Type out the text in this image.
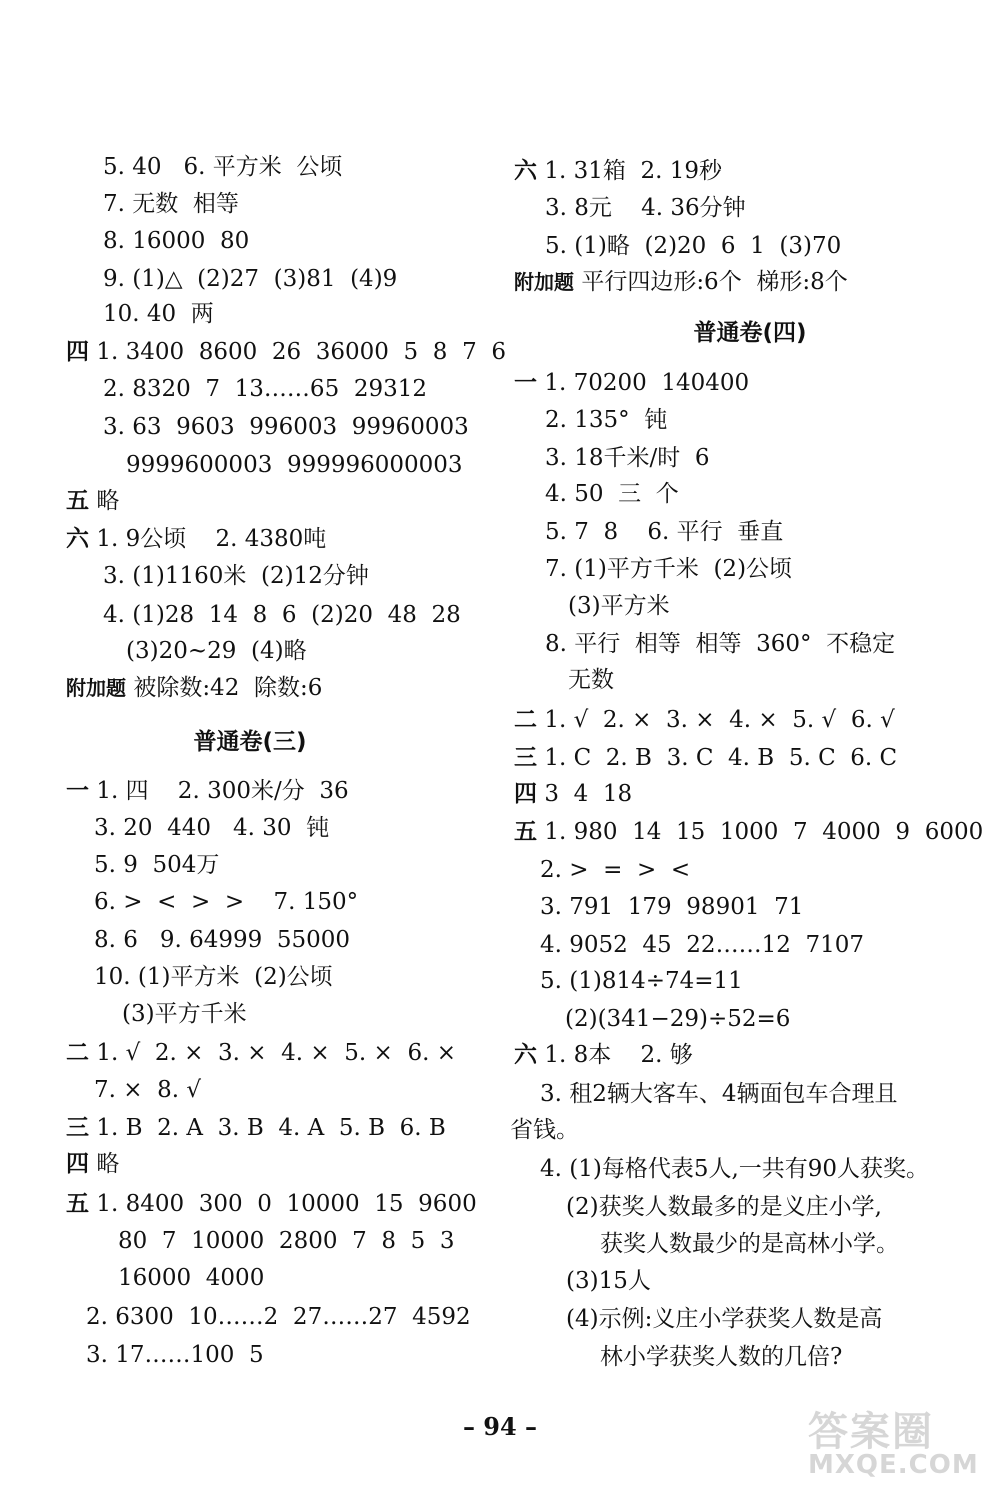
5. 40   6. 平方米  公顷
7. 无数  相等
8. 16000  80
9. (1)△  (2)27  (3)81  (4)9
10. 40  两
四 1. 3400  8600  26  36000  5  8  7  6
2. 8320  7  13……65  29312
3. 63  9603  996003  99960003
9999600003  999996000003
五 略
六 1. 9公顷    2. 4380吨
3. (1)1160米  (2)12分钟
4. (1)28  14  8  6  (2)20  48  28
(3)20~29  (4)略
附加题 被除数:42  除数:6
普通卷(三)
一 1. 四    2. 300米/分  36
3. 20  440   4. 30  钝
5. 9  504万
6. >  <  >  >    7. 150°
8. 6   9. 64999  55000
10. (1)平方米  (2)公顷
(3)平方千米
二 1. √  2. ×  3. ×  4. ×  5. ×  6. ×
7. ×  8. √
三 1. B  2. A  3. B  4. A  5. B  6. B
四 略
五 1. 8400  300  0  10000  15  9600
80  7  10000  2800  7  8  5  3
16000  4000
2. 6300  10……2  27……27  4592
3. 17……100  5
六 1. 31箱  2. 19秒
3. 8元    4. 36分钟
5. (1)略  (2)20  6  1  (3)70
附加题 平行四边形:6个  梯形:8个
普通卷(四)
一 1. 70200  140400
2. 135°  钝
3. 18千米/时  6
4. 50  三  个
5. 7  8    6. 平行  垂直
7. (1)平方千米  (2)公顷
(3)平方米
8. 平行  相等  相等  360°  不稳定
无数
二 1. √  2. ×  3. ×  4. ×  5. √  6. √
三 1. C  2. B  3. C  4. B  5. C  6. C
四 3  4  18
五 1. 980  14  15  1000  7  4000  9  6000
2. >  =  >  <
3. 791  179  98901  71
4. 9052  45  22……12  7107
5. (1)814÷74=11
(2)(341−29)÷52=6
六 1. 8本    2. 够
3. 租2辆大客车、4辆面包车合理且
省钱。
4. (1)每格代表5人,一共有90人获奖。
(2)获奖人数最多的是义庄小学,
获奖人数最少的是高林小学。
(3)15人
(4)示例:义庄小学获奖人数是高
林小学获奖人数的几倍?
– 94 –	答案圈
MXQE.COM
